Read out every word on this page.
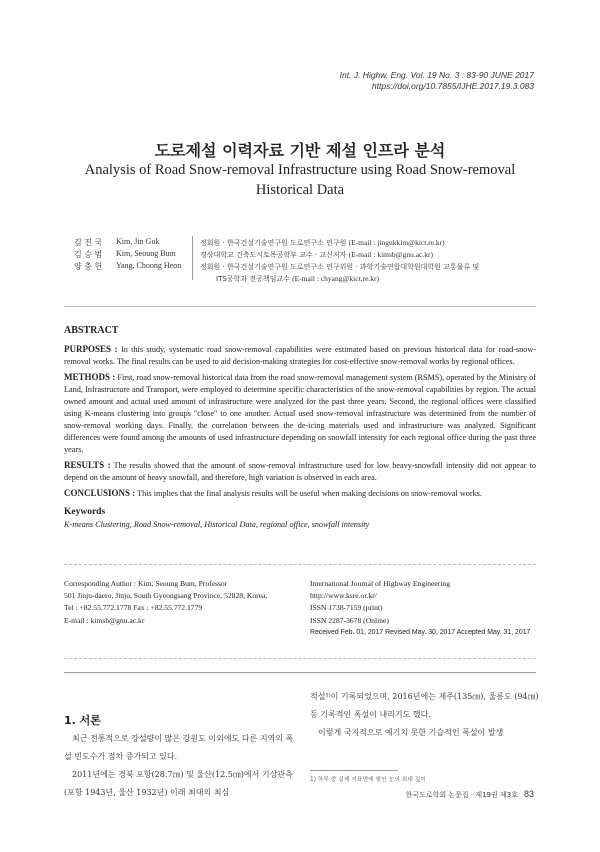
Int. J. Highw. Eng. Vol. 19 No. 3 : 83-90 JUNE 2017
https://doi.org/10.7855/IJHE.2017.19.3.083
도로제설 이력자료 기반 제설 인프라 분석
Analysis of Road Snow-removal Infrastructure using Road Snow-removal Historical Data
김 진 국	Kim, Jin Guk	정회원 · 한국건설기술연구원 도로연구소 연구원 (E-mail : jingukkim@kict.re.kr)
김 승 범	Kim, Seoung Bum	경상대학교 건축도시토목공학부 교수 · 교신저자 (E-mail : kimsb@gnu.ac.kr)
양 충 헌	Yang, Choong Heon	정회원 · 한국건설기술연구원 도로연구소 연구위원 · 과학기술연합대학원대학원 교통물류 및
ITS공학과 전공책임교수 (E-mail : chyang@kict.re.kr)
ABSTRACT

PURPOSES : In this study, systematic road snow-removal capabilities were estimated based on previous historical data for road-snow-removal works. The final results can be used to aid decision-making strategies for cost-effective snow-removal works by regional offices.

METHODS : First, road snow-removal historical data from the road snow-removal management system (RSMS), operated by the Ministry of Land, Infrastructure and Transport, were employed to determine specific characteristics of the snow-removal capabilities by region. The actual owned amount and actual used amount of infrastructure were analyzed for the past three years. Second, the regional offices were classified using K-means clustering into groups "close" to one another. Actual used snow-removal infrastructure was determined from the number of snow-removal working days. Finally, the correlation between the de-icing materials used and infrastructure was analyzed. Significant differences were found among the amounts of used infrastructure depending on snowfall intensity for each regional office during the past three years.

RESULTS : The results showed that the amount of snow-removal infrastructure used for low heavy-snowfall intensity did not appear to depend on the amount of heavy snowfall, and therefore, high variation is observed in each area.

CONCLUSIONS : This implies that the final analysis results will be useful when making decisions on snow-removal works.

Keywords

K-means Clustering, Road Snow-removal, Historical Data, regional office, snowfall intensity

Corresponding Author : Kim, Seoung Bum, Professor
501 Jinju-daero, Jinju, South Gyeongsang Province, 52828, Korea,
Tel : +82.55.772.1778 Fax : +82.55.772.1779
E-mail : kimsb@gnu.ac.kr
International Journal of Highway Engineering
http://www.ksre.or.kr/
ISSN 1738-7159 (print)
ISSN 2287-3678 (Online)
Received Feb. 01, 2017 Revised May. 30, 2017 Accepted May. 31, 2017
1. 서론

최근 전통적으로 강설량이 많은 강원도 이외에도 다른 지역의 폭설 빈도수가 점차 증가되고 있다.

2011년에는 경북 포항(28.7㎝) 및 울산(12.5㎝)에서 기상관측(포항 1943년, 울산 1932년) 이래 최대의 최심

적설¹⁾이 기록되었으며, 2016년에는 제주(135㎝), 울릉도 (94㎝) 등 기록적인 폭설이 내리기도 했다.

이렇게 국지적으로 예기치 못한 기습적인 폭설이 발생

1) 하루 중 실제 지표면에 쌓인 눈의 최대 깊이
한국도로학회 논문집 · 제19권 제3호 83
